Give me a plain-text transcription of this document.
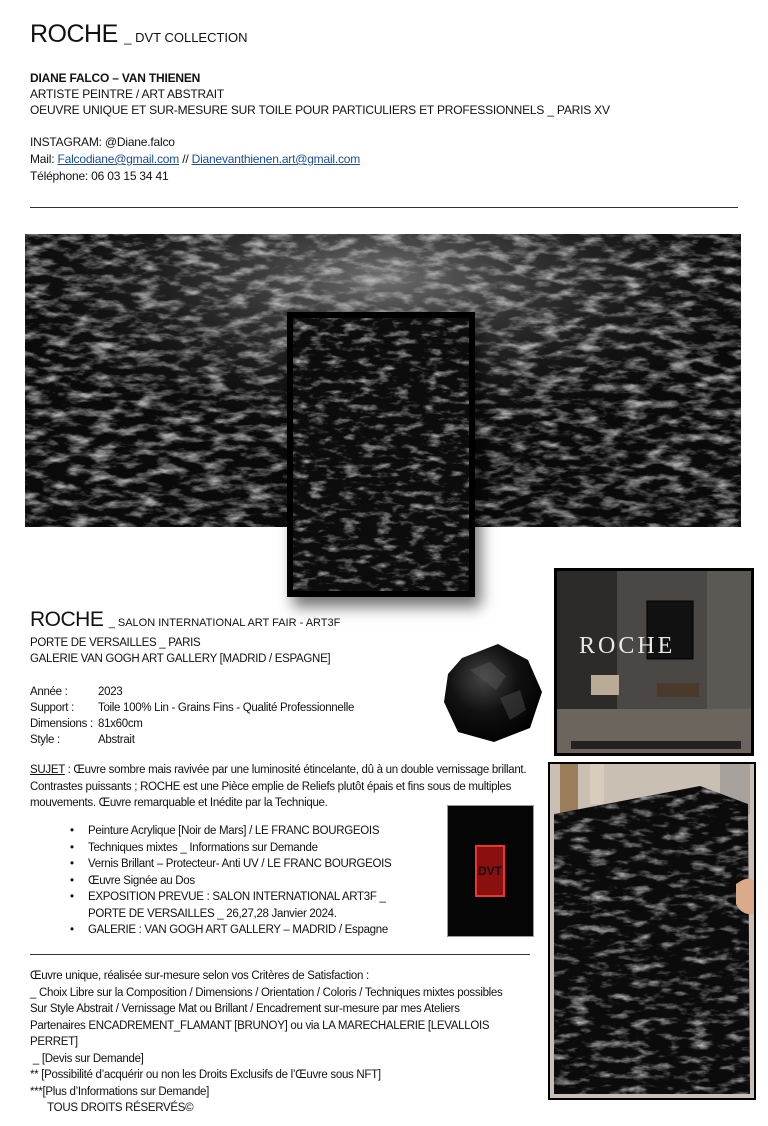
ROCHE _ DVT COLLECTION
DIANE FALCO – VAN THIENEN
ARTISTE PEINTRE / ART ABSTRAIT
OEUVRE UNIQUE ET SUR-MESURE SUR TOILE POUR PARTICULIERS ET PROFESSIONNELS _ PARIS XV
INSTAGRAM: @Diane.falco
Mail: Falcodiane@gmail.com // Dianevanthienen.art@gmail.com
Téléphone: 06 03 15 34 41
ROCHE
DVT
ROCHE _ SALON INTERNATIONAL ART FAIR - ART3F
PORTE DE VERSAILLES _ PARIS
GALERIE VAN GOGH ART GALLERY [MADRID / ESPAGNE]
Année :	2023
Support :	Toile 100% Lin - Grains Fins - Qualité Professionnelle
Dimensions : 81x60cm
Style :	Abstrait
SUJET : Œuvre sombre mais ravivée par une luminosité étincelante, dû à un double vernissage brillant. Contrastes puissants ; ROCHE est une Pièce emplie de Reliefs plutôt épais et fins sous de multiples mouvements. Œuvre remarquable et Inédite par la Technique.
• Peinture Acrylique [Noir de Mars] / LE FRANC BOURGEOIS
• Techniques mixtes _ Informations sur Demande
• Vernis Brillant – Protecteur- Anti UV / LE FRANC BOURGEOIS
• Œuvre Signée au Dos
• EXPOSITION PREVUE : SALON INTERNATIONAL ART3F _ PORTE DE VERSAILLES _ 26,27,28 Janvier 2024.
• GALERIE : VAN GOGH ART GALLERY – MADRID / Espagne
Œuvre unique, réalisée sur-mesure selon vos Critères de Satisfaction :
_ Choix Libre sur la Composition / Dimensions / Orientation / Coloris / Techniques mixtes possibles
Sur Style Abstrait / Vernissage Mat ou Brillant / Encadrement sur-mesure par mes Ateliers
Partenaires ENCADREMENT_FLAMANT [BRUNOY] ou via LA MARECHALERIE [LEVALLOIS PERRET]
_ [Devis sur Demande]
** [Possibilité d’acquérir ou non les Droits Exclusifs de l’Œuvre sous NFT]
***[Plus d’Informations sur Demande]
TOUS DROITS RÉSERVÉS©
